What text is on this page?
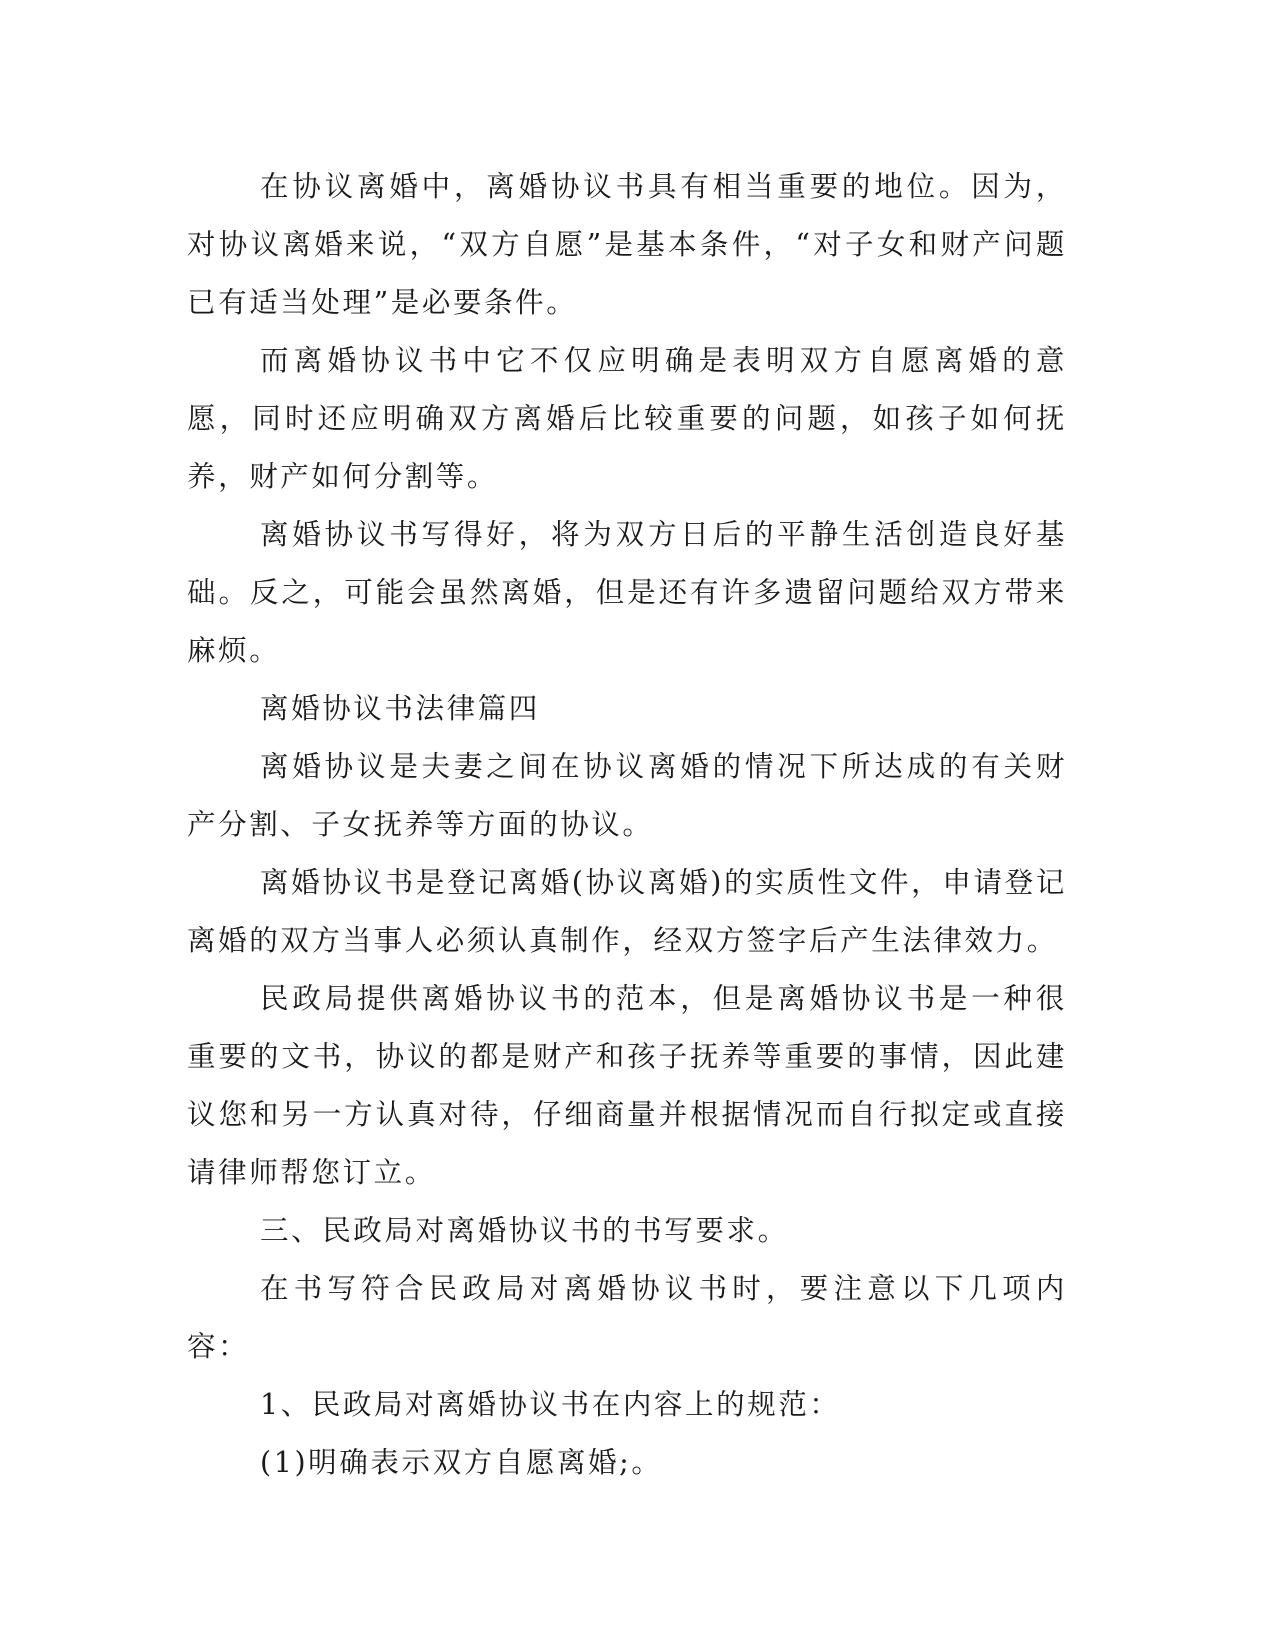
在协议离婚中，离婚协议书具有相当重要的地位。因为，对协议离婚来说，“双方自愿”是基本条件，“对子女和财产问题已有适当处理”是必要条件。

而离婚协议书中它不仅应明确是表明双方自愿离婚的意愿，同时还应明确双方离婚后比较重要的问题，如孩子如何抚养，财产如何分割等。

离婚协议书写得好，将为双方日后的平静生活创造良好基础。反之，可能会虽然离婚，但是还有许多遗留问题给双方带来麻烦。

离婚协议书法律篇四

离婚协议是夫妻之间在协议离婚的情况下所达成的有关财产分割、子女抚养等方面的协议。

离婚协议书是登记离婚(协议离婚)的实质性文件，申请登记离婚的双方当事人必须认真制作，经双方签字后产生法律效力。

民政局提供离婚协议书的范本，但是离婚协议书是一种很重要的文书，协议的都是财产和孩子抚养等重要的事情，因此建议您和另一方认真对待，仔细商量并根据情况而自行拟定或直接请律师帮您订立。

三、民政局对离婚协议书的书写要求。

在书写符合民政局对离婚协议书时，要注意以下几项内容：

1、民政局对离婚协议书在内容上的规范：

(1)明确表示双方自愿离婚;。
